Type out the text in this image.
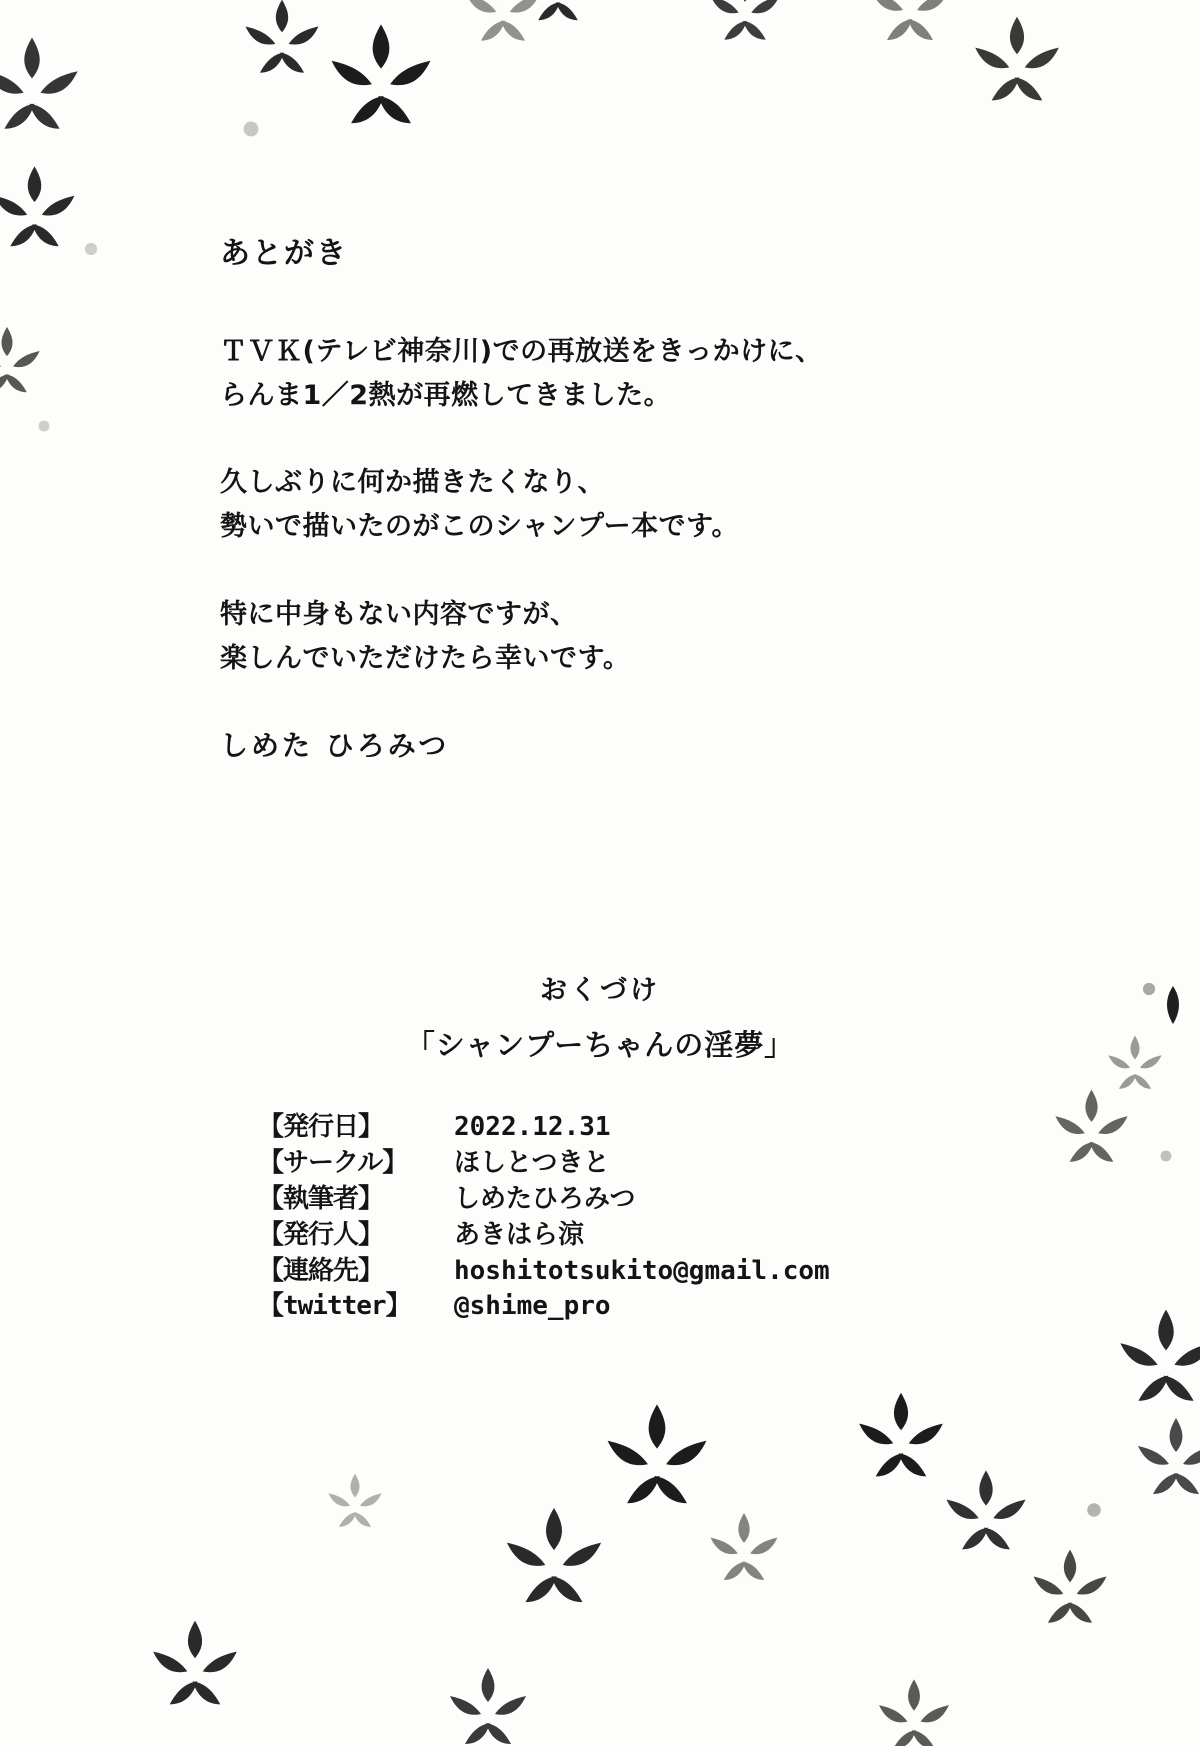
あとがき
ＴＶＫ(テレビ神奈川)での再放送をきっかけに、
らんま1／2熱が再燃してきました。
久しぶりに何か描きたくなり、
勢いで描いたのがこのシャンプー本です。
特に中身もない内容ですが、
楽しんでいただけたら幸いです。
しめた ひろみつ
おくづけ
「シャンプーちゃんの淫夢」
【発行日】	2022.12.31
【サークル】	ほしとつきと
【執筆者】	しめたひろみつ
【発行人】	あきはら涼
【連絡先】	hoshitotsukito@gmail.com
【twitter】	@shime_pro
